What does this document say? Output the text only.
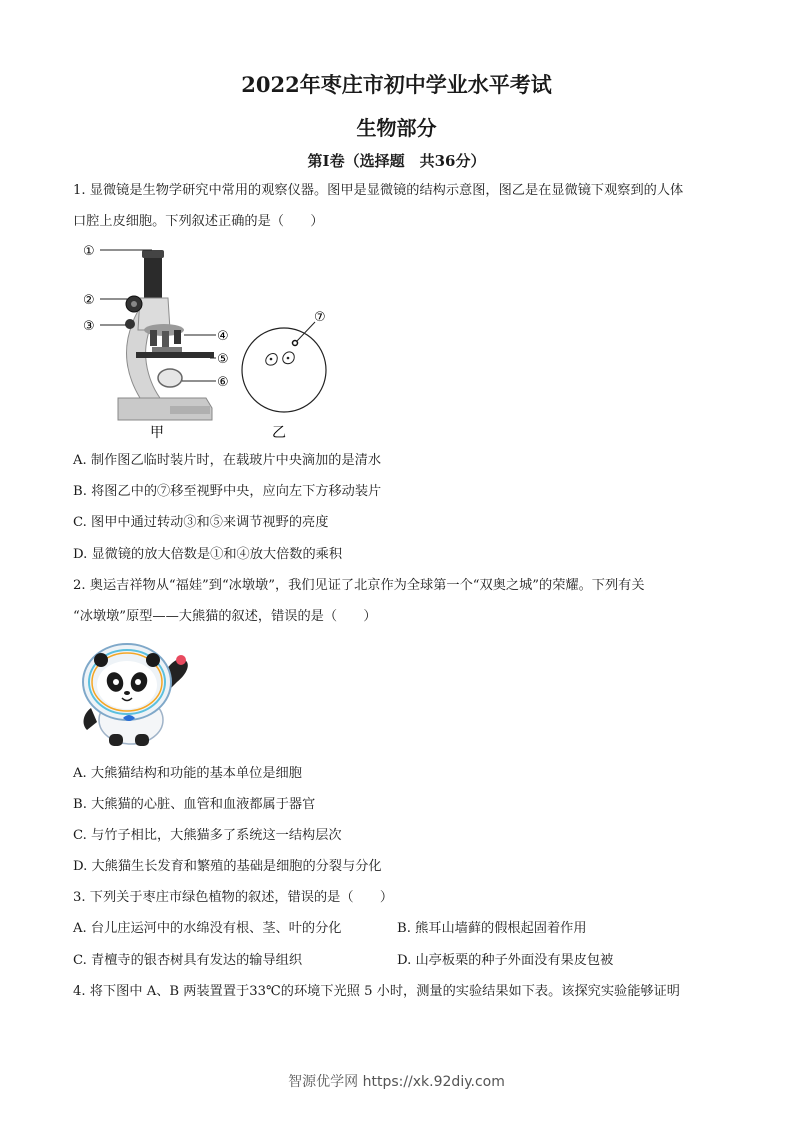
2022年枣庄市初中学业水平考试
生物部分
第Ⅰ卷（选择题　共36分）
1. 显微镜是生物学研究中常用的观察仪器。图甲是显微镜的结构示意图，图乙是在显微镜下观察到的人体
口腔上皮细胞。下列叙述正确的是（　　）
①
②
③
④
⑤
⑥
⑦
甲	乙
A. 制作图乙临时装片时，在载玻片中央滴加的是清水
B. 将图乙中的⑦移至视野中央，应向左下方移动装片
C. 图甲中通过转动③和⑤来调节视野的亮度
D. 显微镜的放大倍数是①和④放大倍数的乘积
2. 奥运吉祥物从“福娃”到“冰墩墩”，我们见证了北京作为全球第一个“双奥之城”的荣耀。下列有关
“冰墩墩”原型——大熊猫的叙述，错误的是（　　）
A. 大熊猫结构和功能的基本单位是细胞
B. 大熊猫的心脏、血管和血液都属于器官
C. 与竹子相比，大熊猫多了系统这一结构层次
D. 大熊猫生长发育和繁殖的基础是细胞的分裂与分化
3. 下列关于枣庄市绿色植物的叙述，错误的是（　　）
A. 台儿庄运河中的水绵没有根、茎、叶的分化	B. 熊耳山墙藓的假根起固着作用
C. 青檀寺的银杏树具有发达的输导组织	D. 山亭板栗的种子外面没有果皮包被
4. 将下图中 A、B 两装置置于33℃的环境下光照 5 小时，测量的实验结果如下表。该探究实验能够证明
智源优学网 https://xk.92diy.com
